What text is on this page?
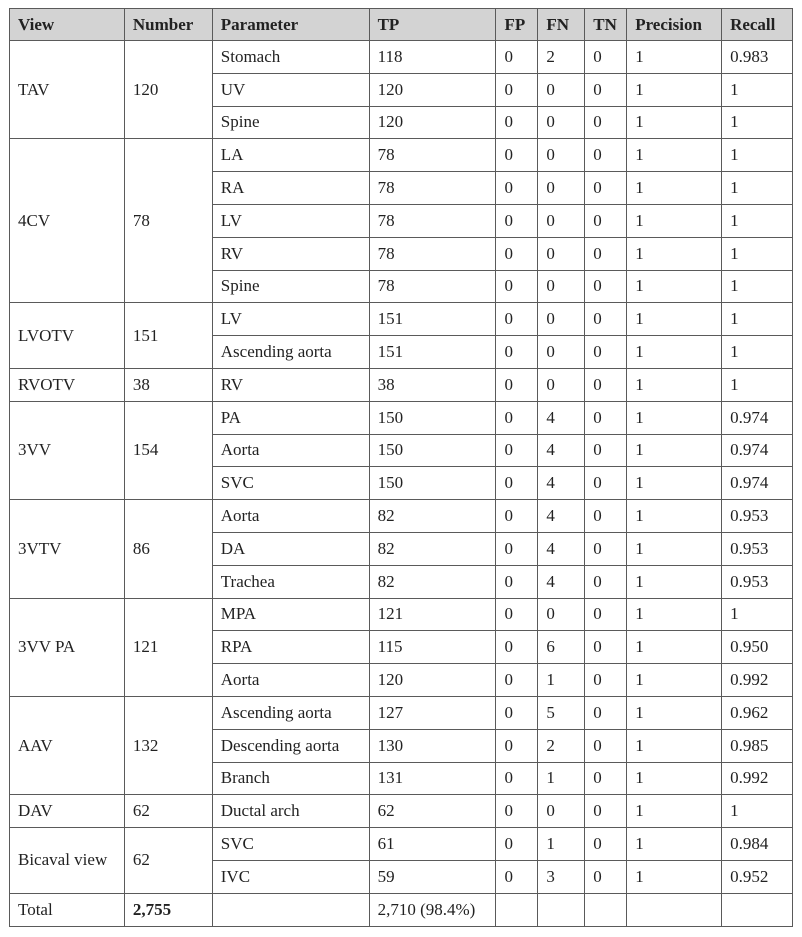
View	Number	Parameter	TP	FP	FN	TN	Precision	Recall
TAV	120	Stomach	118	0	2	0	1	0.983
		UV	120	0	0	0	1	1
		Spine	120	0	0	0	1	1
4CV	78	LA	78	0	0	0	1	1
		RA	78	0	0	0	1	1
		LV	78	0	0	0	1	1
		RV	78	0	0	0	1	1
		Spine	78	0	0	0	1	1
LVOTV	151	LV	151	0	0	0	1	1
		Ascending aorta	151	0	0	0	1	1
RVOTV	38	RV	38	0	0	0	1	1
3VV	154	PA	150	0	4	0	1	0.974
		Aorta	150	0	4	0	1	0.974
		SVC	150	0	4	0	1	0.974
3VTV	86	Aorta	82	0	4	0	1	0.953
		DA	82	0	4	0	1	0.953
		Trachea	82	0	4	0	1	0.953
3VV PA	121	MPA	121	0	0	0	1	1
		RPA	115	0	6	0	1	0.950
		Aorta	120	0	1	0	1	0.992
AAV	132	Ascending aorta	127	0	5	0	1	0.962
		Descending aorta	130	0	2	0	1	0.985
		Branch	131	0	1	0	1	0.992
DAV	62	Ductal arch	62	0	0	0	1	1
Bicaval view	62	SVC	61	0	1	0	1	0.984
		IVC	59	0	3	0	1	0.952
Total	2,755		2,710 (98.4%)					
